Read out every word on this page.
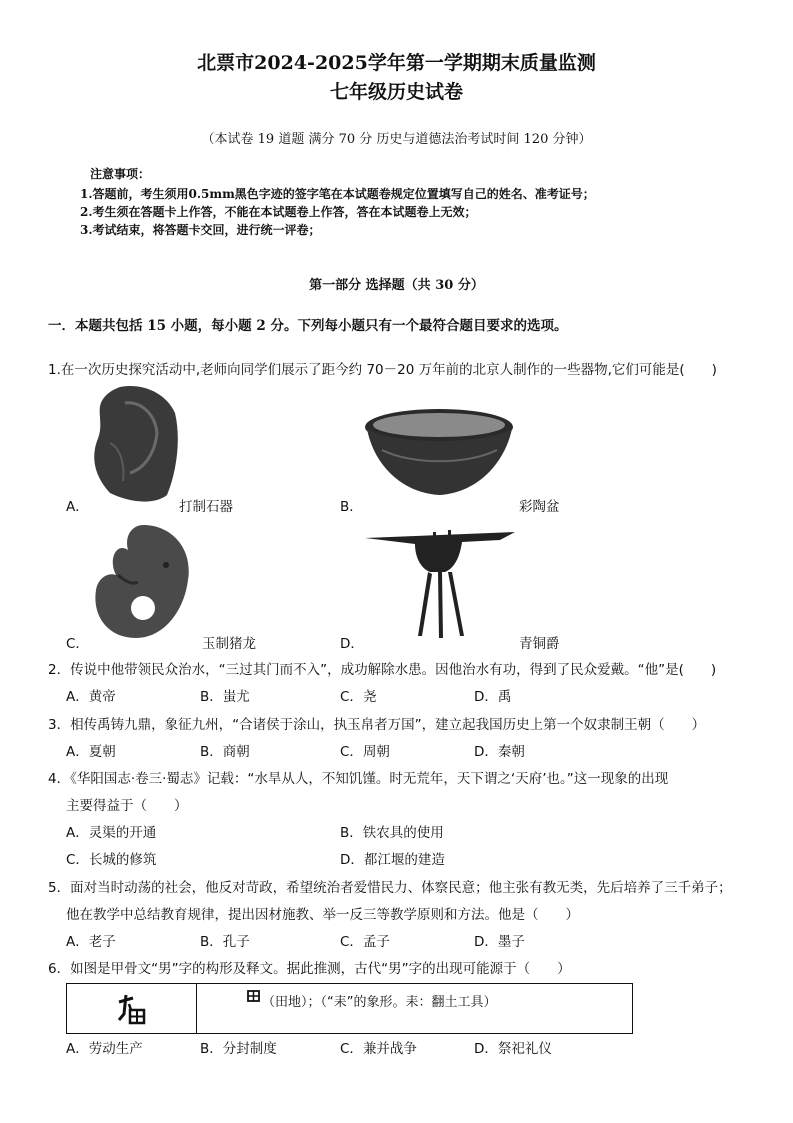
北票市2024-2025学年第一学期期末质量监测
七年级历史试卷
（本试卷 19 道题 满分 70 分 历史与道德法治考试时间 120 分钟）
注意事项：
1.答题前，考生须用0.5mm黑色字迹的签字笔在本试题卷规定位置填写自己的姓名、准考证号；
2.考生须在答题卡上作答，不能在本试题卷上作答，答在本试题卷上无效；
3.考试结束，将答题卡交回，进行统一评卷；
第一部分 选择题（共 30 分）
一．本题共包括 15 小题，每小题 2 分。下列每小题只有一个最符合题目要求的选项。
1.在一次历史探究活动中,老师向同学们展示了距今约 70－20 万年前的北京人制作的一些器物,它们可能是(　　)
A．	打制石器	B．	彩陶盆
C．	玉制猪龙	D．	青铜爵
2．传说中他带领民众治水，“三过其门而不入”，成功解除水患。因他治水有功，得到了民众爱戴。“他”是(　　)
A．黄帝	B．蚩尤	C．尧	D．禹
3．相传禹铸九鼎，象征九州，“合诸侯于涂山，执玉帛者万国”，建立起我国历史上第一个奴隶制王朝（　　）
A．夏朝	B．商朝	C．周朝	D．秦朝
4．《华阳国志·卷三·蜀志》记载：“水旱从人，不知饥馑。时无荒年，天下谓之‘天府’也。”这一现象的出现
主要得益于（　　）
A．灵渠的开通	B．铁农具的使用
C．长城的修筑	D．都江堰的建造
5．面对当时动荡的社会，他反对苛政，希望统治者爱惜民力、体察民意；他主张有教无类，先后培养了三千弟子；
他在教学中总结教育规律，提出因材施教、举一反三等教学原则和方法。他是（　　）
A．老子	B．孔子	C．孟子	D．墨子
6．如图是甲骨文“男”字的构形及释文。据此推测，古代“男”字的出现可能源于（　　）
（田地）；（“耒”的象形。耒：翻土工具）
A．劳动生产	B．分封制度	C．兼并战争	D．祭祀礼仪
